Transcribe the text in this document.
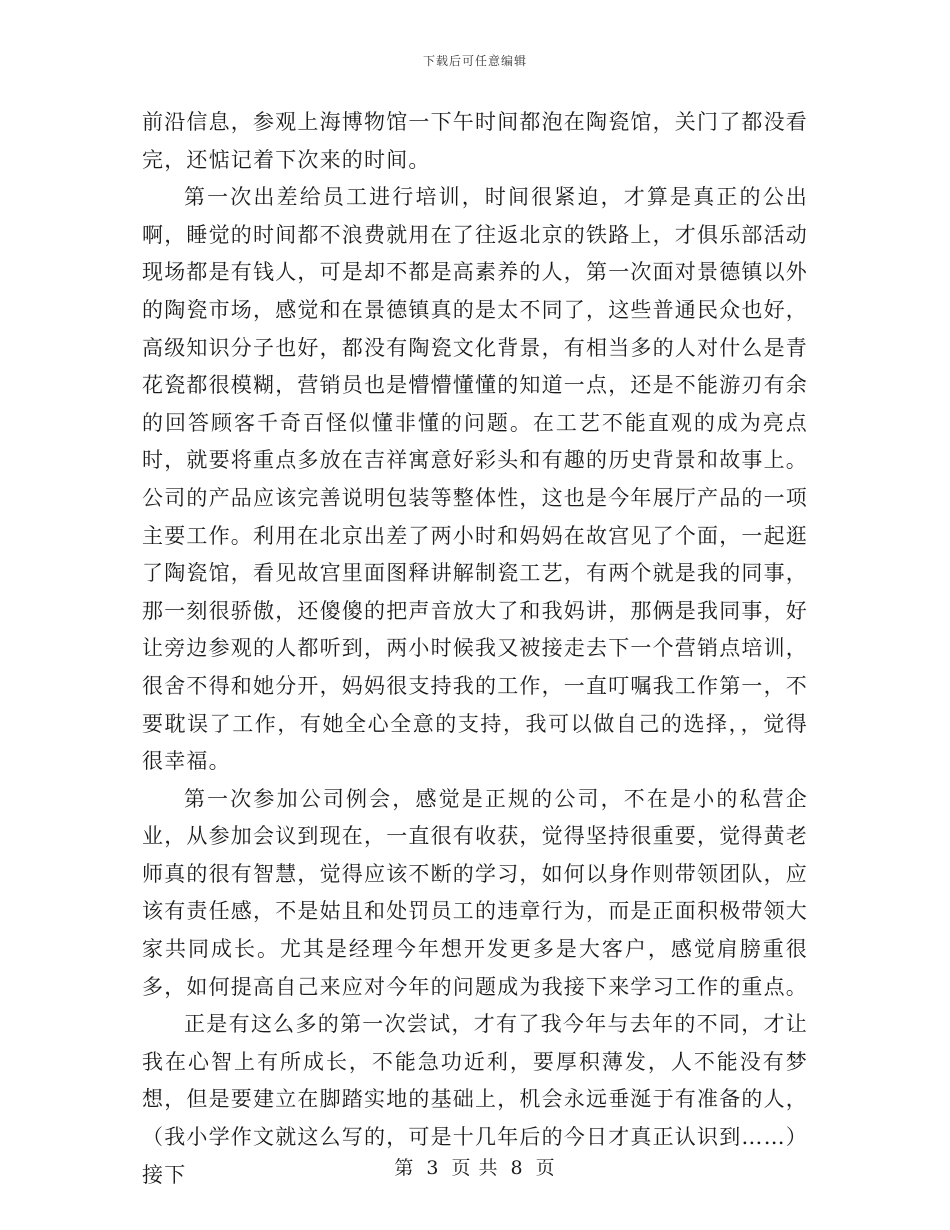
下载后可任意编辑

前沿信息，参观上海博物馆一下午时间都泡在陶瓷馆，关门了都没看完，还惦记着下次来的时间。

第一次出差给员工进行培训，时间很紧迫，才算是真正的公出啊，睡觉的时间都不浪费就用在了往返北京的铁路上，才俱乐部活动现场都是有钱人，可是却不都是高素养的人，第一次面对景德镇以外的陶瓷市场，感觉和在景德镇真的是太不同了，这些普通民众也好，高级知识分子也好，都没有陶瓷文化背景，有相当多的人对什么是青花瓷都很模糊，营销员也是懵懵懂懂的知道一点，还是不能游刃有余的回答顾客千奇百怪似懂非懂的问题。在工艺不能直观的成为亮点时，就要将重点多放在吉祥寓意好彩头和有趣的历史背景和故事上。公司的产品应该完善说明包装等整体性，这也是今年展厅产品的一项主要工作。利用在北京出差了两小时和妈妈在故宫见了个面，一起逛了陶瓷馆，看见故宫里面图释讲解制瓷工艺，有两个就是我的同事，那一刻很骄傲，还傻傻的把声音放大了和我妈讲，那俩是我同事，好让旁边参观的人都听到，两小时候我又被接走去下一个营销点培训，很舍不得和她分开，妈妈很支持我的工作，一直叮嘱我工作第一，不要耽误了工作，有她全心全意的支持，我可以做自己的选择，，觉得很幸福。

第一次参加公司例会，感觉是正规的公司，不在是小的私营企业，从参加会议到现在，一直很有收获，觉得坚持很重要，觉得黄老师真的很有智慧，觉得应该不断的学习，如何以身作则带领团队，应该有责任感，不是姑且和处罚员工的违章行为，而是正面积极带领大家共同成长。尤其是经理今年想开发更多是大客户，感觉肩膀重很多，如何提高自己来应对今年的问题成为我接下来学习工作的重点。

正是有这么多的第一次尝试，才有了我今年与去年的不同，才让我在心智上有所成长，不能急功近利，要厚积薄发，人不能没有梦想，但是要建立在脚踏实地的基础上，机会永远垂涎于有准备的人，（我小学作文就这么写的，可是十几年后的今日才真正认识到……）接下	第 3 页 共 8 页
